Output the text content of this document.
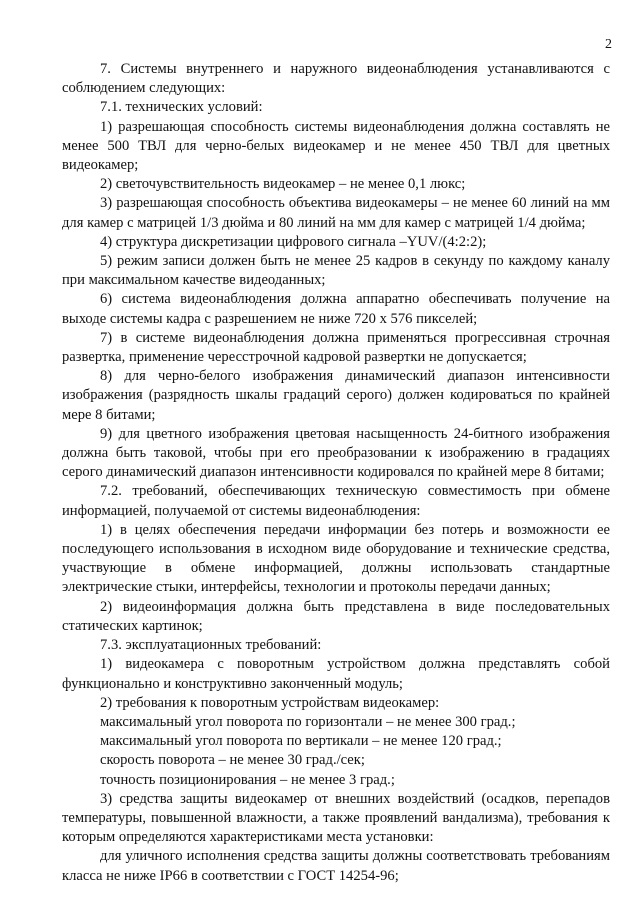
2

7. Системы внутреннего и наружного видеонаблюдения устанавливаются с соблюдением следующих:

7.1. технических условий:

1) разрешающая способность системы видеонаблюдения должна составлять не менее 500 ТВЛ для черно-белых видеокамер и не менее 450 ТВЛ для цветных видеокамер;

2) светочувствительность видеокамер – не менее 0,1 люкс;

3) разрешающая способность объектива видеокамеры – не менее 60 линий на мм для камер с матрицей 1/3 дюйма и 80 линий на мм для камер с матрицей 1/4 дюйма;

4) структура дискретизации цифрового сигнала –YUV/(4:2:2);

5) режим записи должен быть не менее 25 кадров в секунду по каждому каналу при максимальном качестве видеоданных;

6) система видеонаблюдения должна аппаратно обеспечивать получение на выходе системы кадра с разрешением не ниже 720 х 576 пикселей;

7) в системе видеонаблюдения должна применяться прогрессивная строчная развертка, применение чересстрочной кадровой развертки не допускается;

8) для черно-белого изображения динамический диапазон интенсивности изображения (разрядность шкалы градаций серого) должен кодироваться по крайней мере 8 битами;

9) для цветного изображения цветовая насыщенность 24-битного изображения должна быть таковой, чтобы при его преобразовании к изображению в градациях серого динамический диапазон интенсивности кодировался по крайней мере 8 битами;

7.2. требований, обеспечивающих техническую совместимость при обмене информацией, получаемой от системы видеонаблюдения:

1) в целях обеспечения передачи информации без потерь и возможности ее последующего использования в исходном виде оборудование и технические средства, участвующие в обмене информацией, должны использовать стандартные электрические стыки, интерфейсы, технологии и протоколы передачи данных;

2) видеоинформация должна быть представлена в виде последовательных статических картинок;

7.3. эксплуатационных требований:

1) видеокамера с поворотным устройством должна представлять собой функционально и конструктивно законченный модуль;

2) требования к поворотным устройствам видеокамер:

максимальный угол поворота по горизонтали – не менее 300 град.;

максимальный угол поворота по вертикали – не менее 120 град.;

скорость поворота – не менее 30 град./сек;

точность позиционирования – не менее 3 град.;

3) средства защиты видеокамер от внешних воздействий (осадков, перепадов температуры, повышенной влажности, а также проявлений вандализма), требования к которым определяются характеристиками места установки:

для уличного исполнения средства защиты должны соответствовать требованиям класса не ниже IP66 в соответствии с ГОСТ 14254-96;
